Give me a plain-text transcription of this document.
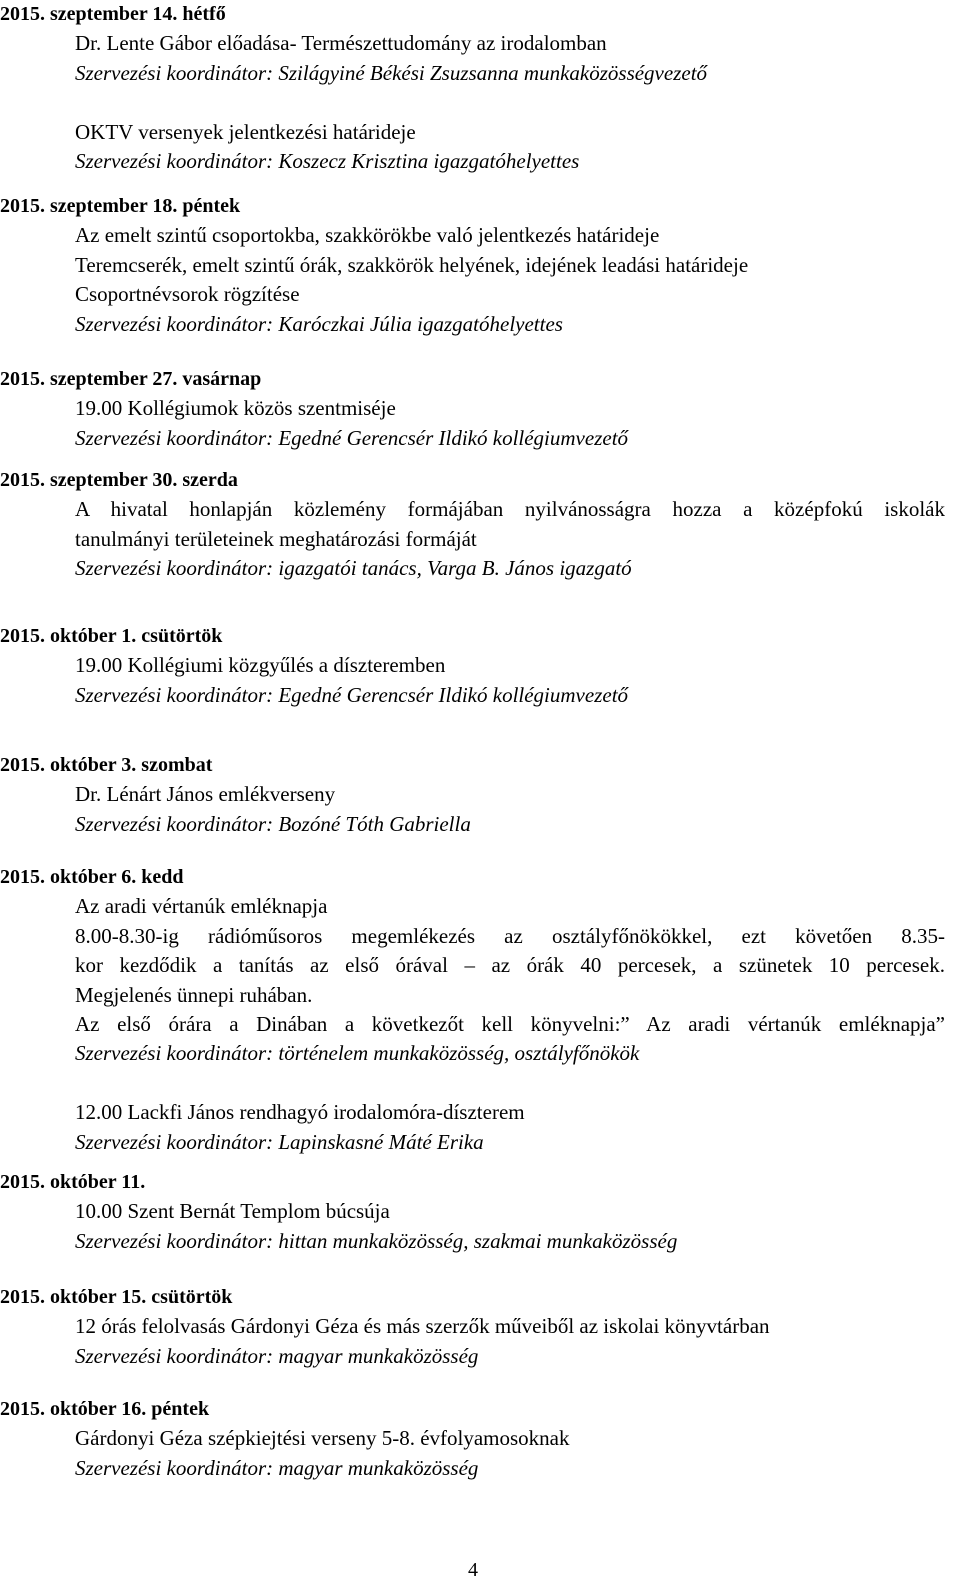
2015. szeptember 14. hétfő
Dr. Lente Gábor előadása- Természettudomány az irodalomban
Szervezési koordinátor: Szilágyiné Békési Zsuzsanna munkaközösségvezető
OKTV versenyek jelentkezési határideje
Szervezési koordinátor: Koszecz Krisztina igazgatóhelyettes
2015. szeptember 18. péntek
Az emelt szintű csoportokba, szakkörökbe való jelentkezés határideje
Teremcserék, emelt szintű órák, szakkörök helyének, idejének leadási határideje
Csoportnévsorok rögzítése
Szervezési koordinátor: Karóczkai Júlia igazgatóhelyettes
2015. szeptember 27. vasárnap
19.00 Kollégiumok közös szentmiséje
Szervezési koordinátor: Egedné Gerencsér Ildikó kollégiumvezető
2015. szeptember 30. szerda
A hivatal honlapján közlemény formájában nyilvánosságra hozza a középfokú iskolák
tanulmányi területeinek meghatározási formáját
Szervezési koordinátor: igazgatói tanács, Varga B. János igazgató
2015. október 1. csütörtök
19.00 Kollégiumi közgyűlés a díszteremben
Szervezési koordinátor: Egedné Gerencsér Ildikó kollégiumvezető
2015. október 3. szombat
Dr. Lénárt János emlékverseny
Szervezési koordinátor: Bozóné Tóth Gabriella
2015. október 6. kedd
Az aradi vértanúk emléknapja
8.00-8.30-ig rádióműsoros megemlékezés az osztályfőnökökkel, ezt követően 8.35-
kor kezdődik a tanítás az első órával – az órák 40 percesek, a szünetek 10 percesek.
Megjelenés ünnepi ruhában.
Az első órára a Dinában a következőt kell könyvelni:” Az aradi vértanúk emléknapja”
Szervezési koordinátor: történelem munkaközösség, osztályfőnökök
12.00 Lackfi János rendhagyó irodalomóra-díszterem
Szervezési koordinátor: Lapinskasné Máté Erika
2015. október 11.
10.00 Szent Bernát Templom búcsúja
Szervezési koordinátor: hittan munkaközösség, szakmai munkaközösség
2015. október 15. csütörtök
12 órás felolvasás Gárdonyi Géza és más szerzők műveiből az iskolai könyvtárban
Szervezési koordinátor: magyar munkaközösség
2015. október 16. péntek
Gárdonyi Géza szépkiejtési verseny 5-8. évfolyamosoknak
Szervezési koordinátor: magyar munkaközösség
4
